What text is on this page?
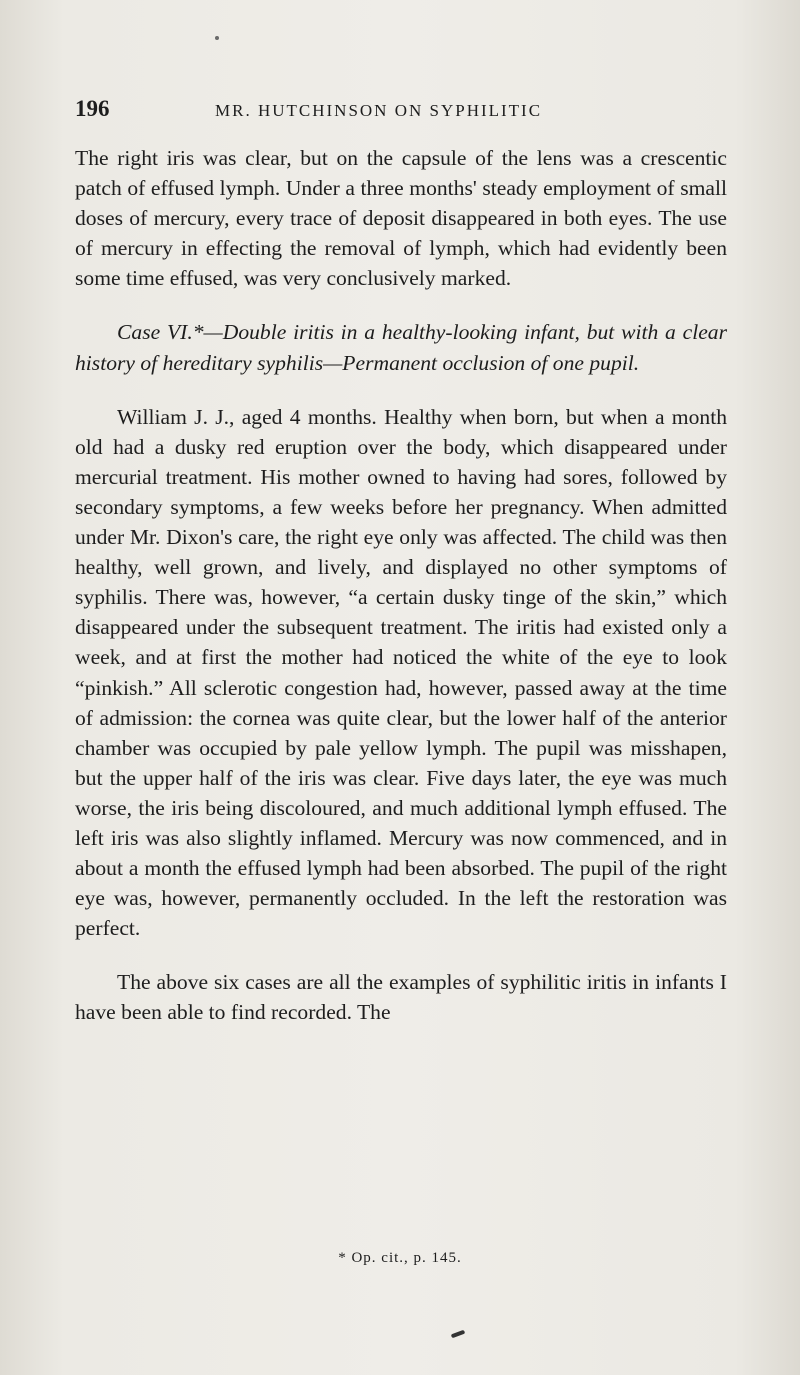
196	MR. HUTCHINSON ON SYPHILITIC

The right iris was clear, but on the capsule of the lens was a crescentic patch of effused lymph. Under a three months' steady employment of small doses of mercury, every trace of deposit disappeared in both eyes. The use of mercury in effecting the removal of lymph, which had evidently been some time effused, was very conclusively marked.

Case VI.*—Double iritis in a healthy-looking infant, but with a clear history of hereditary syphilis—Permanent occlusion of one pupil.

William J. J., aged 4 months. Healthy when born, but when a month old had a dusky red eruption over the body, which disappeared under mercurial treatment. His mother owned to having had sores, followed by secondary symptoms, a few weeks before her pregnancy. When admitted under Mr. Dixon's care, the right eye only was affected. The child was then healthy, well grown, and lively, and displayed no other symptoms of syphilis. There was, however, “a certain dusky tinge of the skin,” which disappeared under the subsequent treatment. The iritis had existed only a week, and at first the mother had noticed the white of the eye to look “pinkish.” All sclerotic congestion had, however, passed away at the time of admission: the cornea was quite clear, but the lower half of the anterior chamber was occupied by pale yellow lymph. The pupil was misshapen, but the upper half of the iris was clear. Five days later, the eye was much worse, the iris being discoloured, and much additional lymph effused. The left iris was also slightly inflamed. Mercury was now commenced, and in about a month the effused lymph had been absorbed. The pupil of the right eye was, however, permanently occluded. In the left the restoration was perfect.

The above six cases are all the examples of syphilitic iritis in infants I have been able to find recorded. The

* Op. cit., p. 145.
